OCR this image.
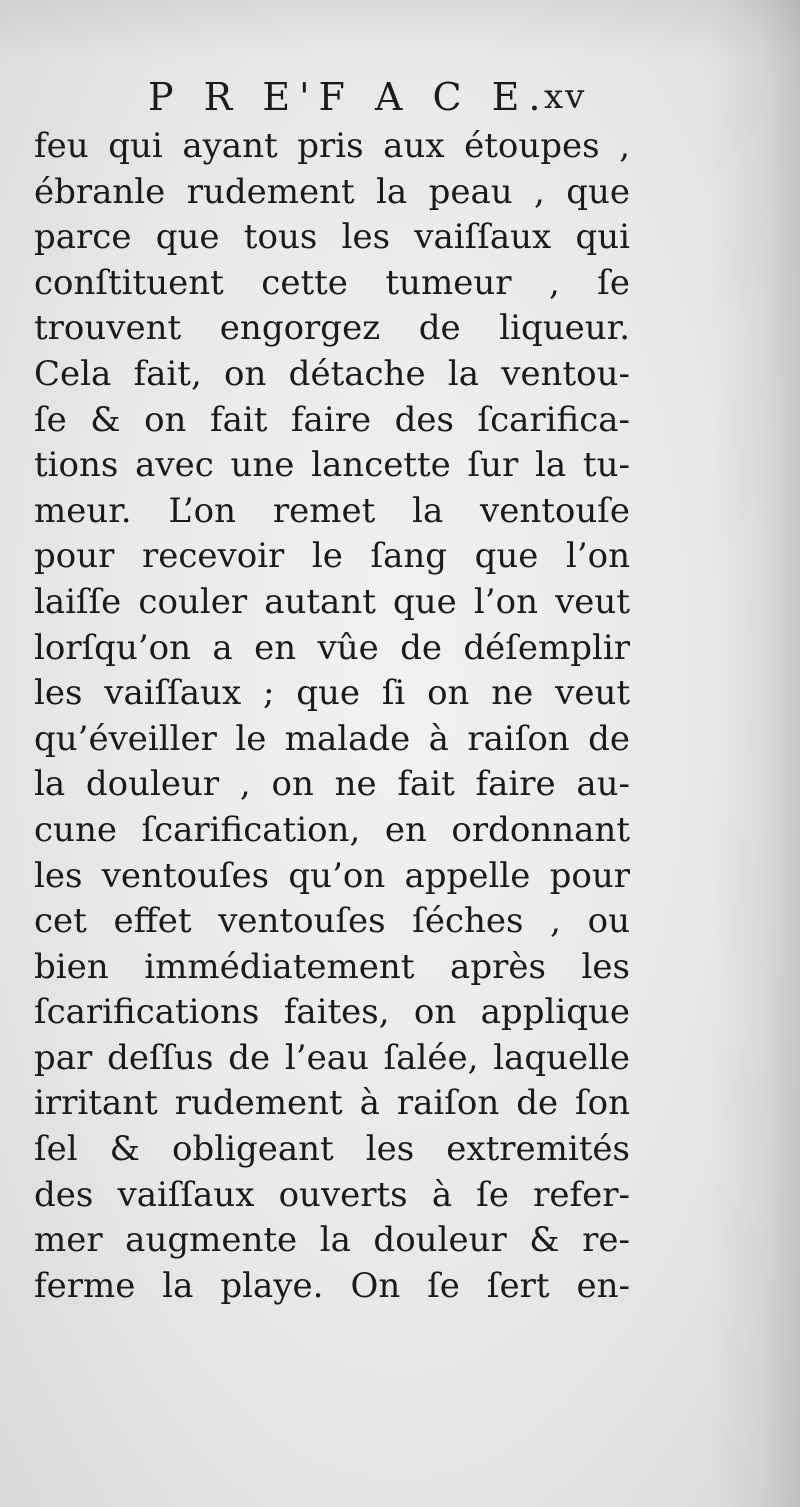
P R E'F A C E.
xv
feu qui ayant pris aux étoupes ,
ébranle rudement la peau , que
parce que tous les vaiſſaux qui
conſtituent cette tumeur , ſe
trouvent engorgez de liqueur.
Cela fait, on détache la ventou-
ſe & on fait faire des ſcarifica-
tions avec une lancette ſur la tu-
meur. L’on remet la ventouſe
pour recevoir le ſang que l’on
laiſſe couler autant que l’on veut
lorſqu’on a en vûe de déſemplir
les vaiſſaux ; que ſi on ne veut
qu’éveiller le malade à raiſon de
la douleur , on ne fait faire au-
cune ſcarification, en ordonnant
les ventouſes qu’on appelle pour
cet effet ventouſes ſéches , ou
bien immédiatement après les
ſcarifications faites, on applique
par deſſus de l’eau ſalée, laquelle
irritant rudement à raiſon de ſon
ſel & obligeant les extremités
des vaiſſaux ouverts à ſe refer-
mer augmente la douleur & re-
ferme la playe. On ſe ſert en-
